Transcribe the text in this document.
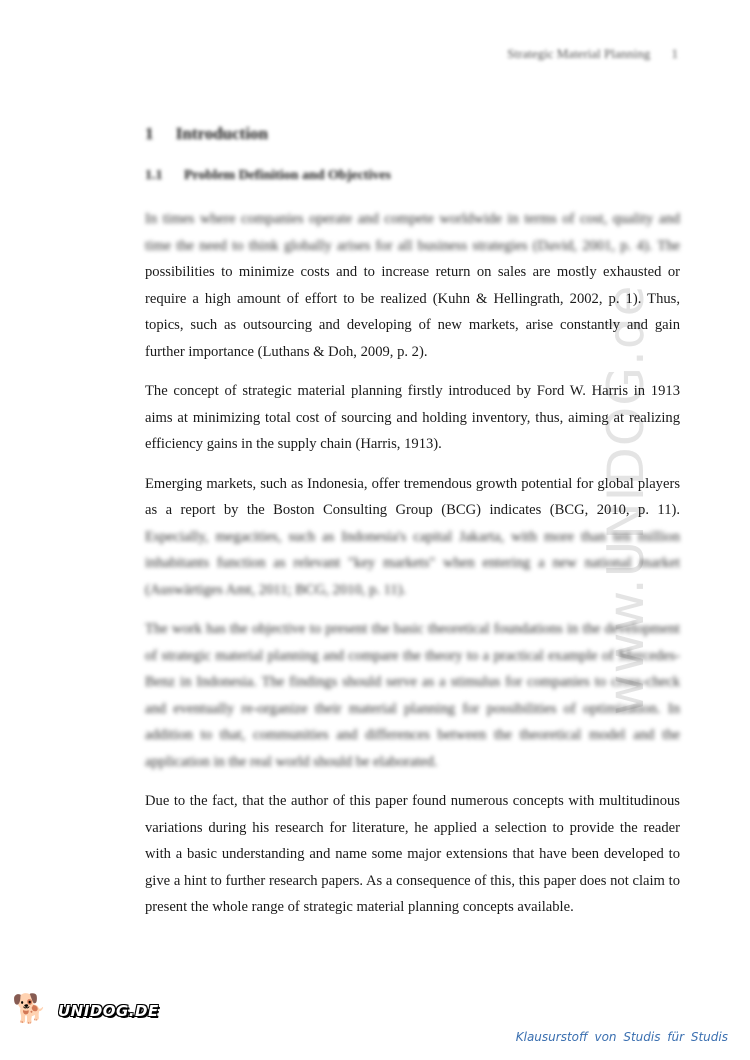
Strategic Material Planning 1
1 Introduction
1.1 Problem Definition and Objectives
www.UNIDOG.de

In times where companies operate and compete worldwide in terms of cost, quality and time the need to think globally arises for all business strategies (David, 2001, p. 4). The possibilities to minimize costs and to increase return on sales are mostly exhausted or require a high amount of effort to be realized (Kuhn & Hellingrath, 2002, p. 1). Thus, topics, such as outsourcing and developing of new markets, arise constantly and gain further importance (Luthans & Doh, 2009, p. 2).

The concept of strategic material planning firstly introduced by Ford W. Harris in 1913 aims at minimizing total cost of sourcing and holding inventory, thus, aiming at realizing efficiency gains in the supply chain (Harris, 1913).

Emerging markets, such as Indonesia, offer tremendous growth potential for global players as a report by the Boston Consulting Group (BCG) indicates (BCG, 2010, p. 11). Especially, megacities, such as Indonesia's capital Jakarta, with more than ten million inhabitants function as relevant "key markets" when entering a new national market (Auswärtiges Amt, 2011; BCG, 2010, p. 11).

The work has the objective to present the basic theoretical foundations in the development of strategic material planning and compare the theory to a practical example of Mercedes-Benz in Indonesia. The findings should serve as a stimulus for companies to cross-check and eventually re-organize their material planning for possibilities of optimization. In addition to that, communities and differences between the theoretical model and the application in the real world should be elaborated.

Due to the fact, that the author of this paper found numerous concepts with multitudinous variations during his research for literature, he applied a selection to provide the reader with a basic understanding and name some major extensions that have been developed to give a hint to further research papers. As a consequence of this, this paper does not claim to present the whole range of strategic material planning concepts available.

🐕 UNIDOG.DE
Klausurstoff von Studis für Studis
